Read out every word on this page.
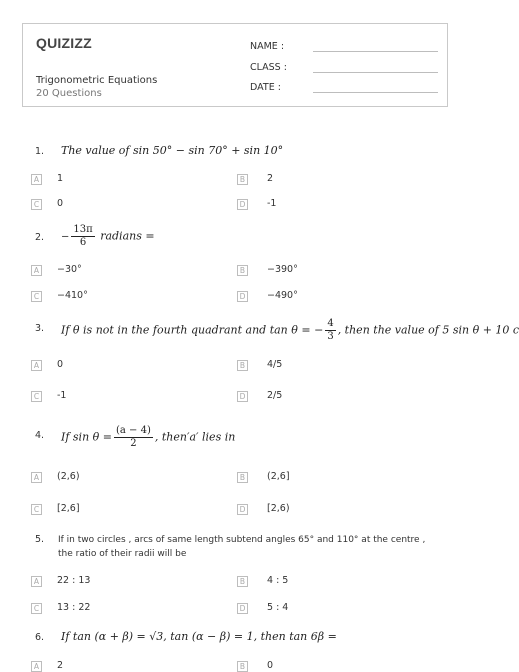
QUIZIZZ
Trigonometric Equations
20 Questions
NAME :
CLASS :
DATE :
1. The value of sin 50° − sin 70° + sin 10°
2. − $\frac{13\pi}{6}$ radians =
3. If θ is not in the fourth quadrant and tan θ = − $\frac{4}{3}$ , then the value of 5 sin θ + 10 c
4. If $\sin \theta = \frac{(a - 4)}{2}$ , then′a′ lies in
5. If in two circles , arcs of same length subtend angles 65° and 110° at the centre ,
the ratio of their radii will be
6. If tan (α + β) = √3, tan (α − β) = 1, then tan 6β =
A	1	B	2
C	0	D -1
A	−30°	B	−390°
C	−410°	D −490°
A	0	B	4/5
C	-1	D 2/5
A	(2,6)	B	(2,6]
C	[2,6]	D [2,6)
A	22 : 13	B	4 : 5
C	13 : 22	D 5 : 4
A	2	B	0
